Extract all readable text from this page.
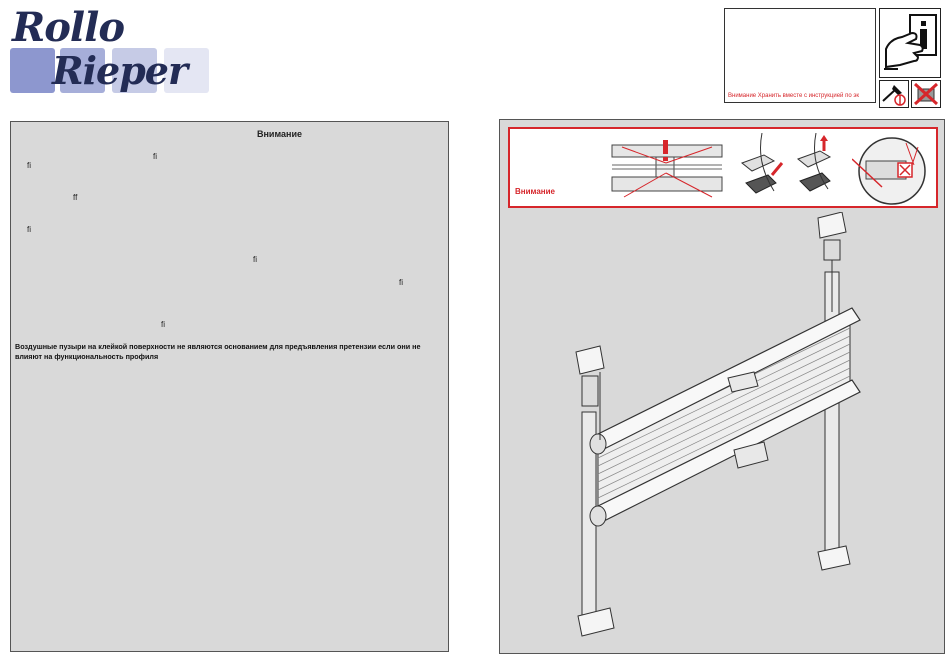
Rollo
Rieper
Внимание Хранить вместе с инструкцией по эк
Внимание
fi
fi
ff
fi
fi
fi
fi
Воздушные пузыри на клейкой поверхности не являются основанием для предъявления претензии если они не влияют на функциональность профиля
Внимание
